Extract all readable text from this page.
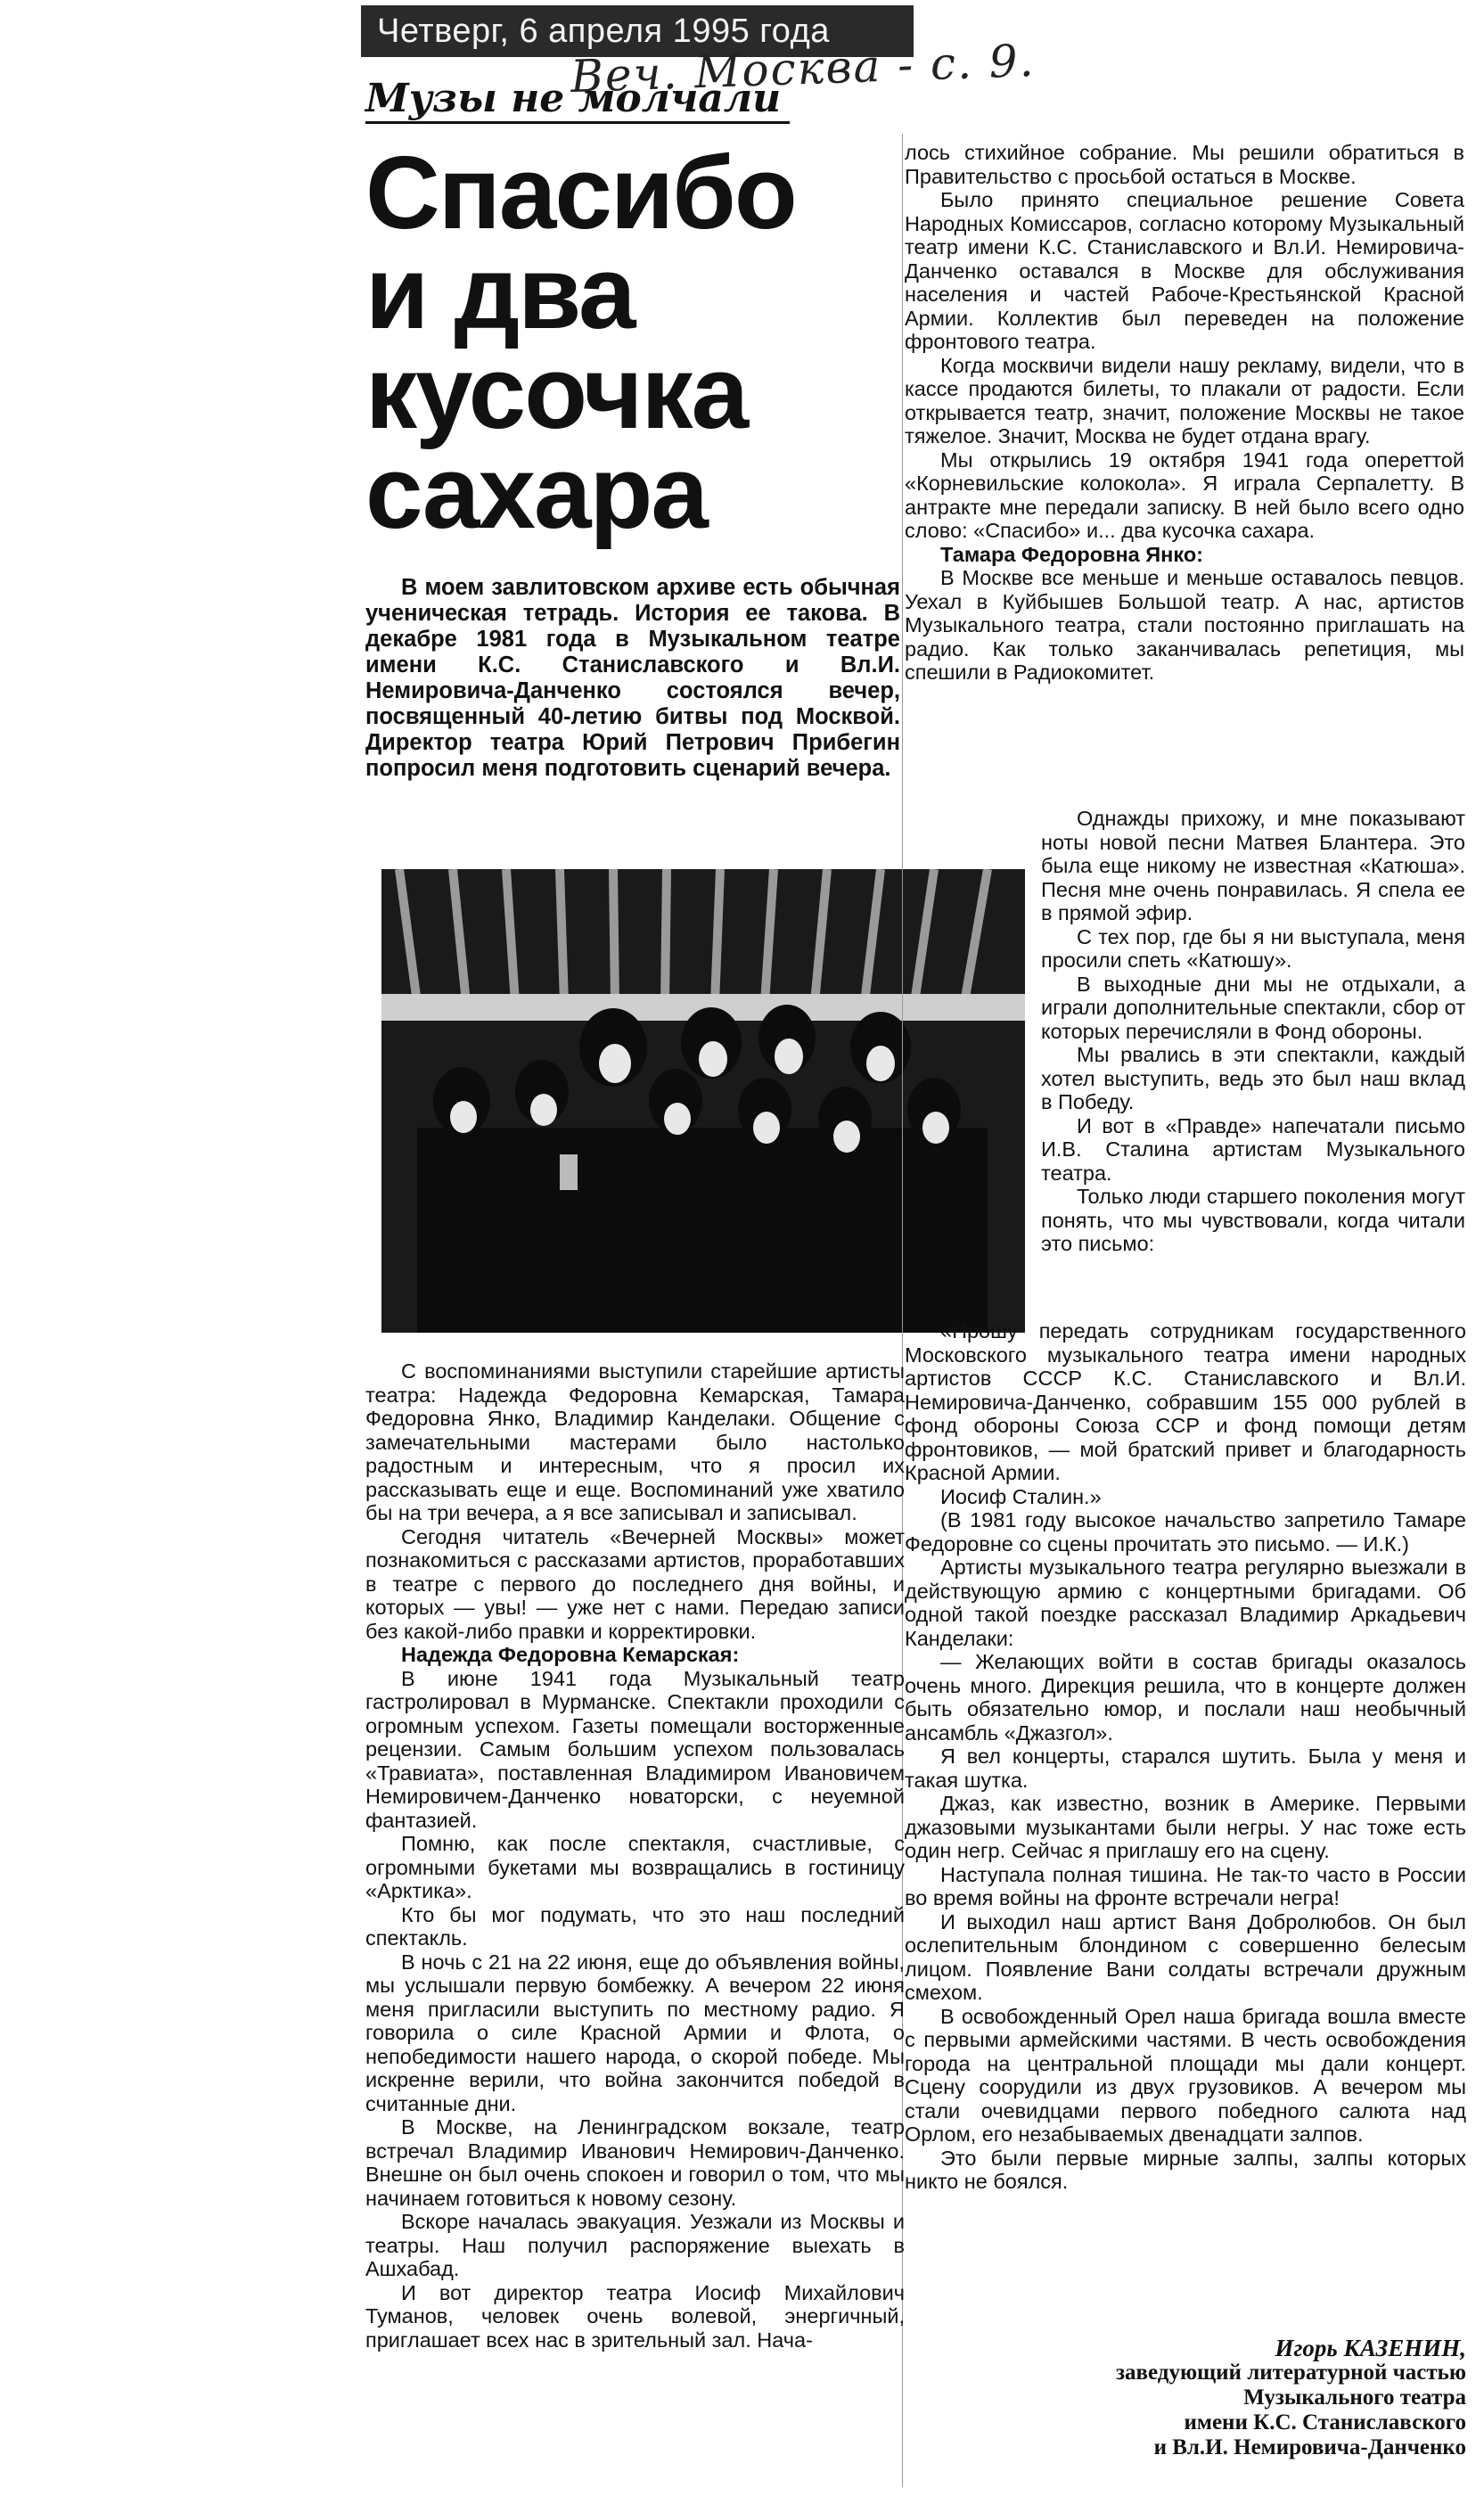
Четверг, 6 апреля 1995 года
Веч. Москва - с. 9.
Музы не молчали
Спасибо
и два
кусочка
сахара
В моем завлитовском архиве есть обычная ученическая тетрадь. История ее такова. В декабре 1981 года в Музыкальном театре имени К.С. Станиславского и Вл.И. Немировича-Данченко состоялся вечер, посвященный 40-летию битвы под Москвой. Директор театра Юрий Петрович Прибегин попросил меня подготовить сценарий вечера.

С воспоминаниями выступили старейшие артисты театра: Надежда Федоровна Кемарская, Тамара Федоровна Янко, Владимир Канделаки. Общение с замечательными мастерами было настолько радостным и интересным, что я просил их рассказывать еще и еще. Воспоминаний уже хватило бы на три вечера, а я все записывал и записывал.

Сегодня читатель «Вечерней Москвы» может познакомиться с рассказами артистов, проработавших в театре с первого до последнего дня войны, и которых — увы! — уже нет с нами. Передаю записи без какой-либо правки и корректировки.

Надежда Федоровна Кемарская:

В июне 1941 года Музыкальный театр гастролировал в Мурманске. Спектакли проходили с огромным успехом. Газеты помещали восторженные рецензии. Самым большим успехом пользовалась «Травиата», поставленная Владимиром Ивановичем Немировичем-Данченко новаторски, с неуемной фантазией.

Помню, как после спектакля, счастливые, с огромными букетами мы возвращались в гостиницу «Арктика».

Кто бы мог подумать, что это наш последний спектакль.

В ночь с 21 на 22 июня, еще до объявления войны, мы услышали первую бомбежку. А вечером 22 июня меня пригласили выступить по местному радио. Я говорила о силе Красной Армии и Флота, о непобедимости нашего народа, о скорой победе. Мы искренне верили, что война закончится победой в считанные дни.

В Москве, на Ленинградском вокзале, театр встречал Владимир Иванович Немирович-Данченко. Внешне он был очень спокоен и говорил о том, что мы начинаем готовиться к новому сезону.

Вскоре началась эвакуация. Уезжали из Москвы и театры. Наш получил распоряжение выехать в Ашхабад.

И вот директор театра Иосиф Михайлович Туманов, человек очень волевой, энергичный, приглашает всех нас в зрительный зал. Нача-

лось стихийное собрание. Мы решили обратиться в Правительство с просьбой остаться в Москве.

Было принято специальное решение Совета Народных Комиссаров, согласно которому Музыкальный театр имени К.С. Станиславского и Вл.И. Немировича-Данченко оставался в Москве для обслуживания населения и частей Рабоче-Крестьянской Красной Армии. Коллектив был переведен на положение фронтового театра.

Когда москвичи видели нашу рекламу, видели, что в кассе продаются билеты, то плакали от радости. Если открывается театр, значит, положение Москвы не такое тяжелое. Значит, Москва не будет отдана врагу.

Мы открылись 19 октября 1941 года опереттой «Корневильские колокола». Я играла Серпалетту. В антракте мне передали записку. В ней было всего одно слово: «Спасибо» и... два кусочка сахара.

Тамара Федоровна Янко:

В Москве все меньше и меньше оставалось певцов. Уехал в Куйбышев Большой театр. А нас, артистов Музыкального театра, стали постоянно приглашать на радио. Как только заканчивалась репетиция, мы спешили в Радиокомитет.

Однажды прихожу, и мне показывают ноты новой песни Матвея Блантера. Это была еще никому не известная «Катюша». Песня мне очень понравилась. Я спела ее в прямой эфир.

С тех пор, где бы я ни выступала, меня просили спеть «Катюшу».

В выходные дни мы не отдыхали, а играли дополнительные спектакли, сбор от которых перечисляли в Фонд обороны.

Мы рвались в эти спектакли, каждый хотел выступить, ведь это был наш вклад в Победу.

И вот в «Правде» напечатали письмо И.В. Сталина артистам Музыкального театра.

Только люди старшего поколения могут понять, что мы чувствовали, когда читали это письмо:

«Прошу передать сотрудникам государственного Московского музыкального театра имени народных артистов СССР К.С. Станиславского и Вл.И. Немировича-Данченко, собравшим 155 000 рублей в фонд обороны Союза ССР и фонд помощи детям фронтовиков, — мой братский привет и благодарность Красной Армии.

Иосиф Сталин.»

(В 1981 году высокое начальство запретило Тамаре Федоровне со сцены прочитать это письмо. — И.К.)

Артисты музыкального театра регулярно выезжали в действующую армию с концертными бригадами. Об одной такой поездке рассказал Владимир Аркадьевич Канделаки:

— Желающих войти в состав бригады оказалось очень много. Дирекция решила, что в концерте должен быть обязательно юмор, и послали наш необычный ансамбль «Джазгол».

Я вел концерты, старался шутить. Была у меня и такая шутка.

Джаз, как известно, возник в Америке. Первыми джазовыми музыкантами были негры. У нас тоже есть один негр. Сейчас я приглашу его на сцену.

Наступала полная тишина. Не так-то часто в России во время войны на фронте встречали негра!

И выходил наш артист Ваня Добролюбов. Он был ослепительным блондином с совершенно белесым лицом. Появление Вани солдаты встречали дружным смехом.

В освобожденный Орел наша бригада вошла вместе с первыми армейскими частями. В честь освобождения города на центральной площади мы дали концерт. Сцену соорудили из двух грузовиков. А вечером мы стали очевидцами первого победного салюта над Орлом, его незабываемых двенадцати залпов.

Это были первые мирные залпы, залпы которых никто не боялся.

Игорь КАЗЕНИН,
заведующий литературной частью
Музыкального театра
имени К.С. Станиславского
и Вл.И. Немировича-Данченко
